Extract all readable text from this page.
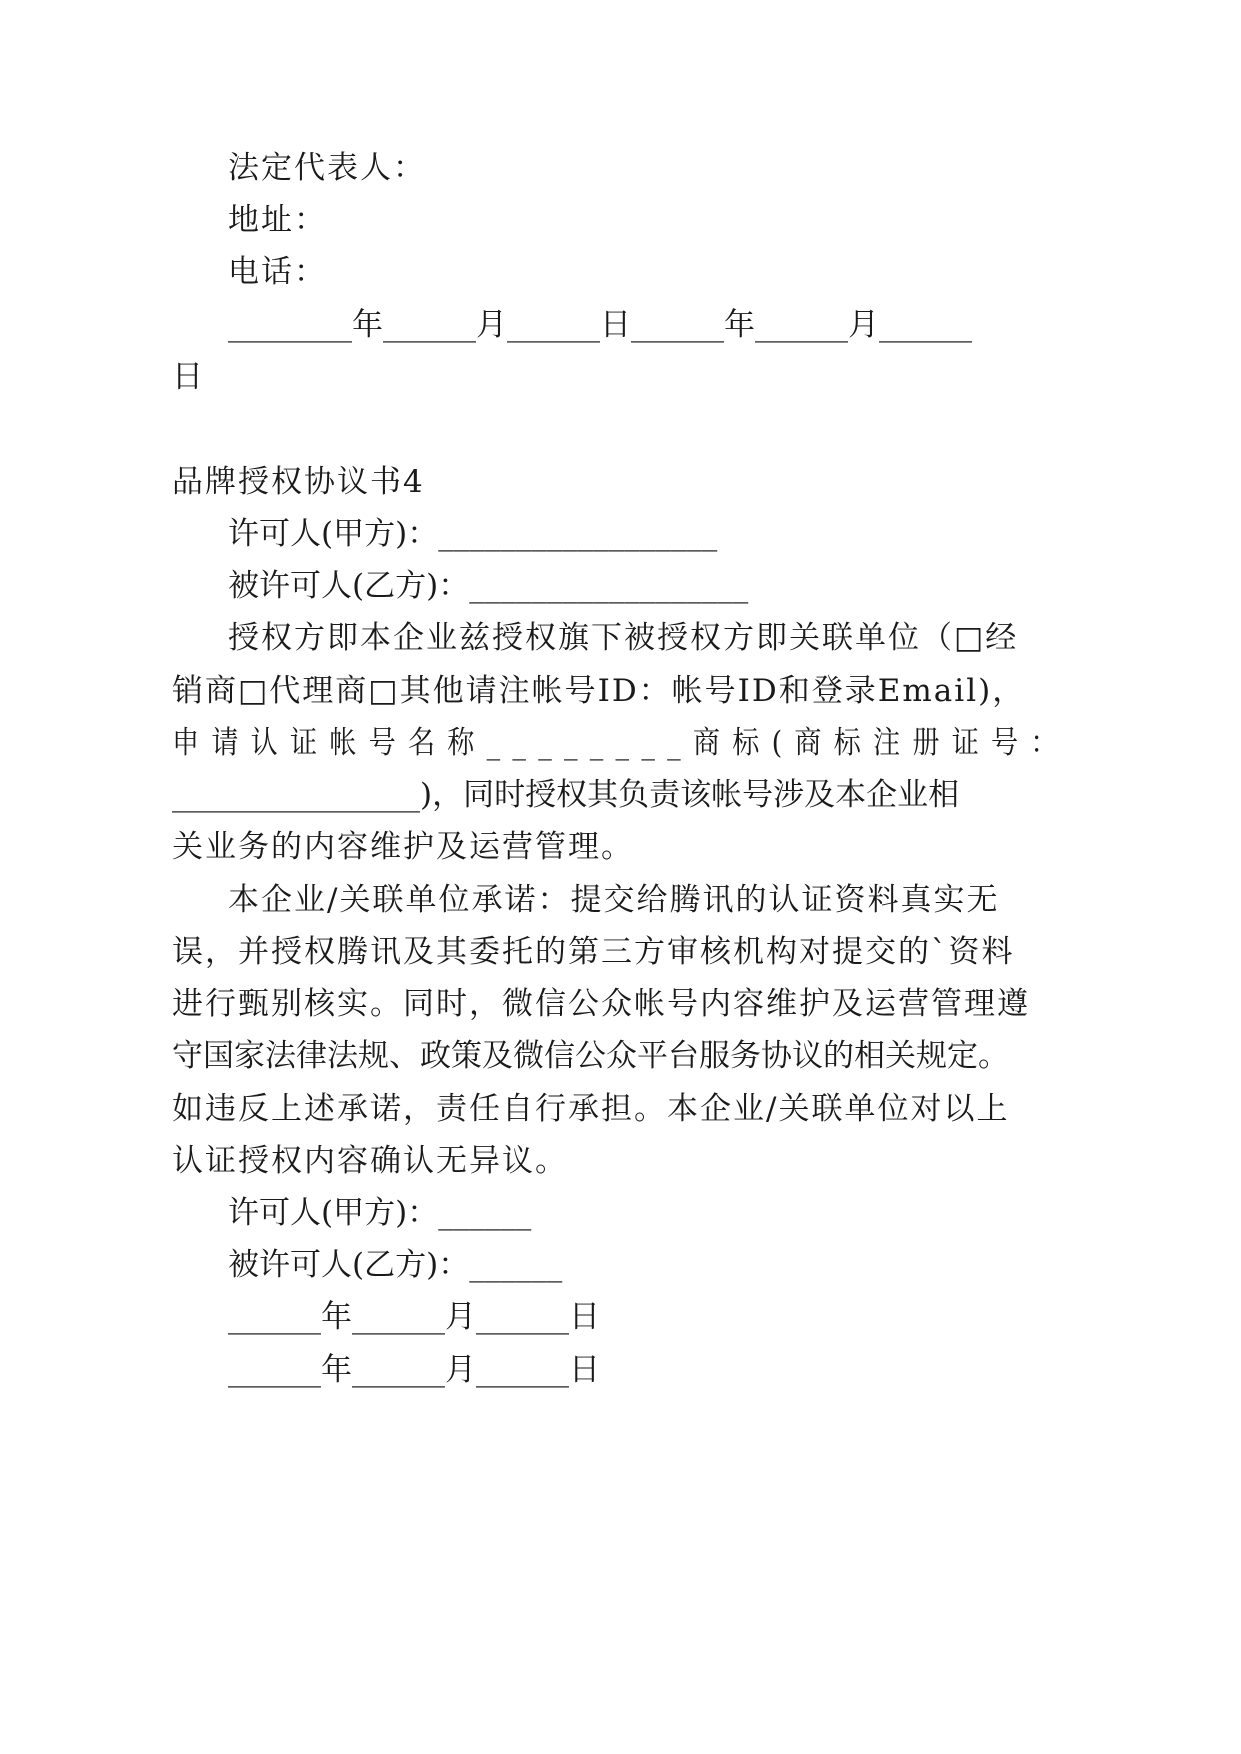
法定代表人：
地址：
电话：
________年______月______日______年______月______
日
品牌授权协议书4
许可人(甲方)：__________________
被许可人(乙方)：__________________
授权方即本企业兹授权旗下被授权方即关联单位（□经
销商□代理商□其他请注帐号ID：帐号ID和登录Email)，
申请认证帐号名称________商标(商标注册证号：
________________)，同时授权其负责该帐号涉及本企业相
关业务的内容维护及运营管理。
本企业/关联单位承诺：提交给腾讯的认证资料真实无
误，并授权腾讯及其委托的第三方审核机构对提交的`资料
进行甄别核实。同时，微信公众帐号内容维护及运营管理遵
守国家法律法规、政策及微信公众平台服务协议的相关规定。
如违反上述承诺，责任自行承担。本企业/关联单位对以上
认证授权内容确认无异议。
许可人(甲方)：______
被许可人(乙方)：______
______年______月______日
______年______月______日
